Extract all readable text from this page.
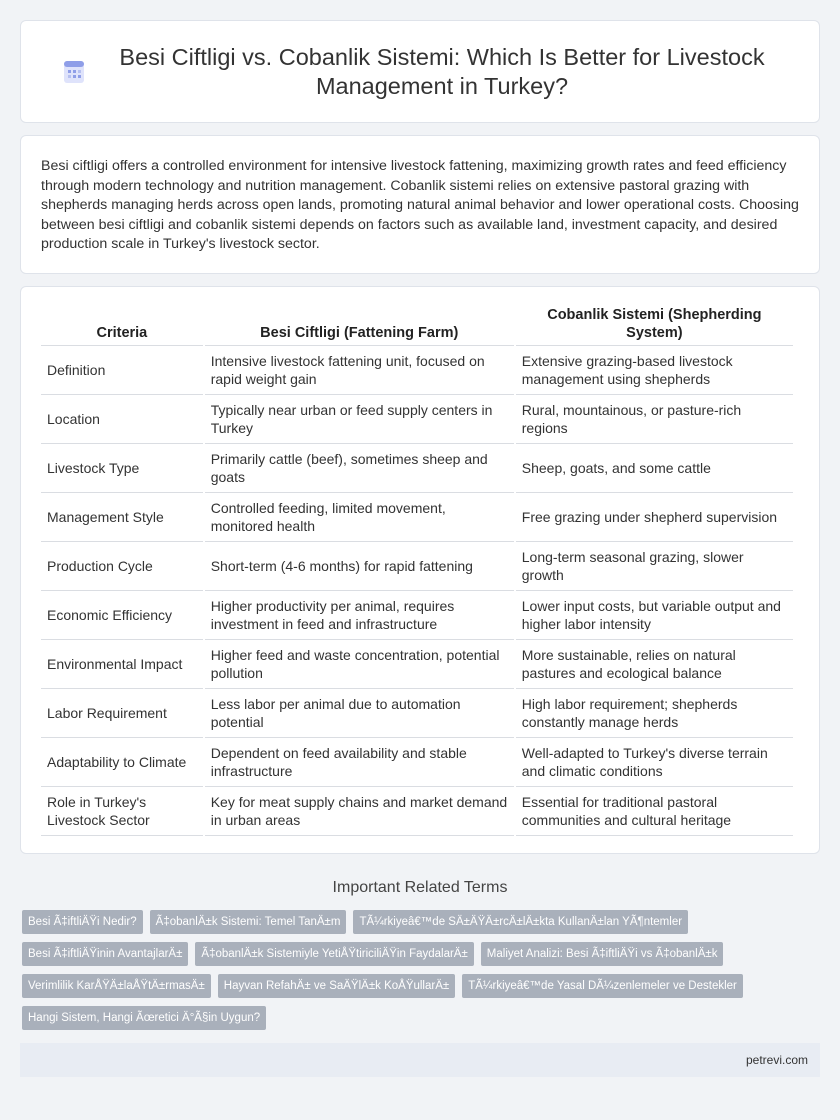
Besi Ciftligi vs. Cobanlik Sistemi: Which Is Better for Livestock Management in Turkey?

Besi ciftligi offers a controlled environment for intensive livestock fattening, maximizing growth rates and feed efficiency through modern technology and nutrition management. Cobanlik sistemi relies on extensive pastoral grazing with shepherds managing herds across open lands, promoting natural animal behavior and lower operational costs. Choosing between besi ciftligi and cobanlik sistemi depends on factors such as available land, investment capacity, and desired production scale in Turkey's livestock sector.

Criteria	Besi Ciftligi (Fattening Farm)	Cobanlik Sistemi (Shepherding System)
Definition	Intensive livestock fattening unit, focused on rapid weight gain	Extensive grazing-based livestock management using shepherds
Location	Typically near urban or feed supply centers in Turkey	Rural, mountainous, or pasture-rich regions
Livestock Type	Primarily cattle (beef), sometimes sheep and goats	Sheep, goats, and some cattle
Management Style	Controlled feeding, limited movement, monitored health	Free grazing under shepherd supervision
Production Cycle	Short-term (4-6 months) for rapid fattening	Long-term seasonal grazing, slower growth
Economic Efficiency	Higher productivity per animal, requires investment in feed and infrastructure	Lower input costs, but variable output and higher labor intensity
Environmental Impact	Higher feed and waste concentration, potential pollution	More sustainable, relies on natural pastures and ecological balance
Labor Requirement	Less labor per animal due to automation potential	High labor requirement; shepherds constantly manage herds
Adaptability to Climate	Dependent on feed availability and stable infrastructure	Well-adapted to Turkey's diverse terrain and climatic conditions
Role in Turkey's Livestock Sector	Key for meat supply chains and market demand in urban areas	Essential for traditional pastoral communities and cultural heritage
Important Related Terms
Besi Ã‡iftliÄŸi Nedir?	Ã‡obanlÄ±k Sistemi: Temel TanÄ±m	TÃ¼rkiyeâ€™de SÄ±ÄŸÄ±rcÄ±lÄ±kta KullanÄ±lan YÃ¶ntemler
Besi Ã‡iftliÄŸinin AvantajlarÄ±	Ã‡obanlÄ±k Sistemiyle YetiÅŸtiriciliÄŸin FaydalarÄ±	Maliyet Analizi: Besi Ã‡iftliÄŸi vs Ã‡obanlÄ±k
Verimlilik KarÅŸÄ±laÅŸtÄ±rmasÄ±	Hayvan RefahÄ± ve SaÄŸlÄ±k KoÅŸullarÄ±	TÃ¼rkiyeâ€™de Yasal DÃ¼zenlemeler ve Destekler
Hangi Sistem, Hangi Ãœretici Ä°Ã§in Uygun?
petrevi.com
